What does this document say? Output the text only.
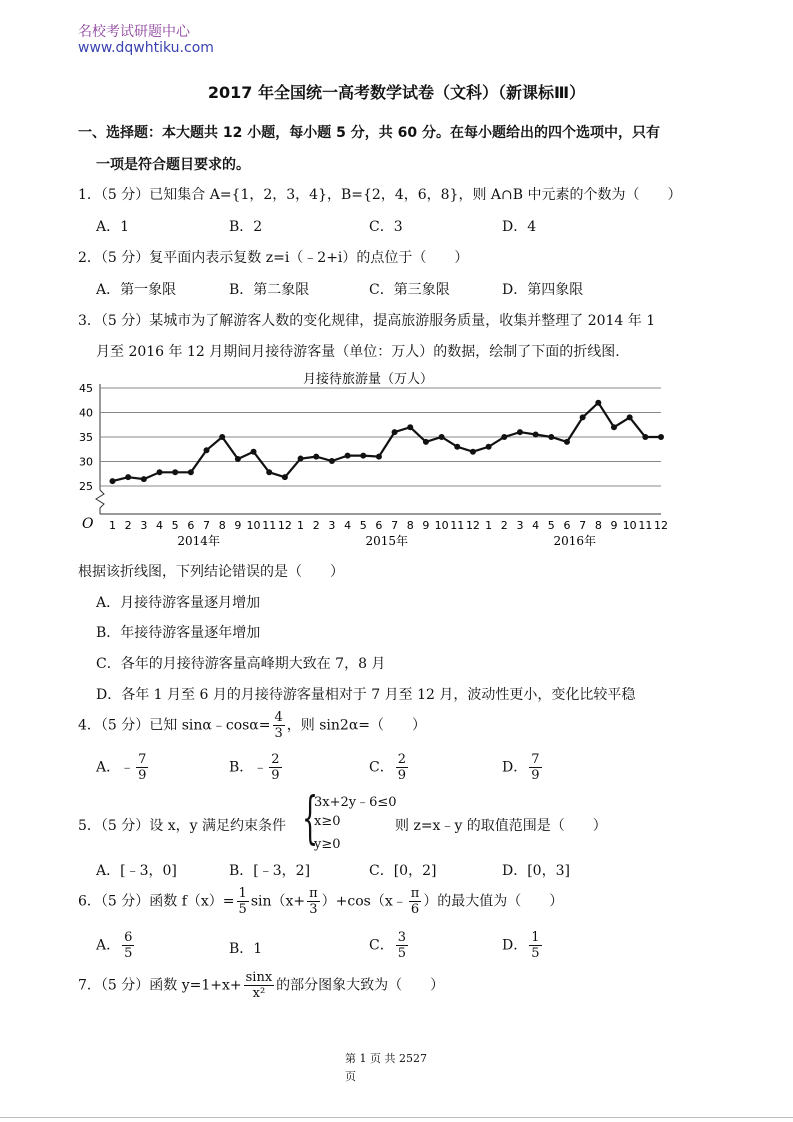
名校考试研题中心
www.dqwhtiku.com
2017 年全国统一高考数学试卷（文科）（新课标Ⅲ）
一、选择题：本大题共 12 小题，每小题 5 分，共 60 分。在每小题给出的四个选项中，只有
一项是符合题目要求的。
1．（5 分）已知集合 A={1，2，3，4}，B={2，4，6，8}，则 A∩B 中元素的个数为（　　）
A．1	B．2	C．3	D．4
2．（5 分）复平面内表示复数 z=i（﹣2+i）的点位于（　　）
A．第一象限	B．第二象限	C．第三象限	D．第四象限
3．（5 分）某城市为了解游客人数的变化规律，提高旅游服务质量，收集并整理了 2014 年 1
月至 2016 年 12 月期间月接待游客量（单位：万人）的数据，绘制了下面的折线图.
月接待旅游量（万人）
25
30
35
40
45
1 2 3 4 5 6 7 8 9 10 11 12 1 2 3 4 5 6 7 8 9 10 11 12 1 2 3 4 5 6 7 8 9 10 11 12
2014年	2015年	2016年
O
根据该折线图，下列结论错误的是（　　）
A．月接待游客量逐月增加
B．年接待游客量逐年增加
C．各年的月接待游客量高峰期大致在 7，8 月
D．各年 1 月至 6 月的月接待游客量相对于 7 月至 12 月，波动性更小，变化比较平稳
4．（5 分）已知 sinα﹣cosα= $\frac{4}{3}$ ，则 sin2α=（　　）
A．﹣ $\frac{7}{9}$	B．﹣ $\frac{2}{9}$	C． $\frac{2}{9}$	D． $\frac{7}{9}$
5．（5 分）设 x，y 满足约束条件 {
3x+2y﹣6≤0
x≥0
y≥0
则 z=x﹣y 的取值范围是（　　）
A．[﹣3，0]	B．[﹣3，2]	C．[0，2]	D．[0，3]
6．（5 分）函数 $f(x)= \frac{1}{5} \sin(x+ \frac{\pi}{3}$ ）+cos（x﹣ $\frac{\pi}{6}$ ）的最大值为（　　）
A． $\frac{6}{5}$	B．1	C． $\frac{3}{5}$	D． $\frac{1}{5}$
7．（5 分）函数 $y=1+x+ \frac{\sin x}{\text{x²}}$ 的部分图象大致为（　　）
第 1 页 共 2527
页
